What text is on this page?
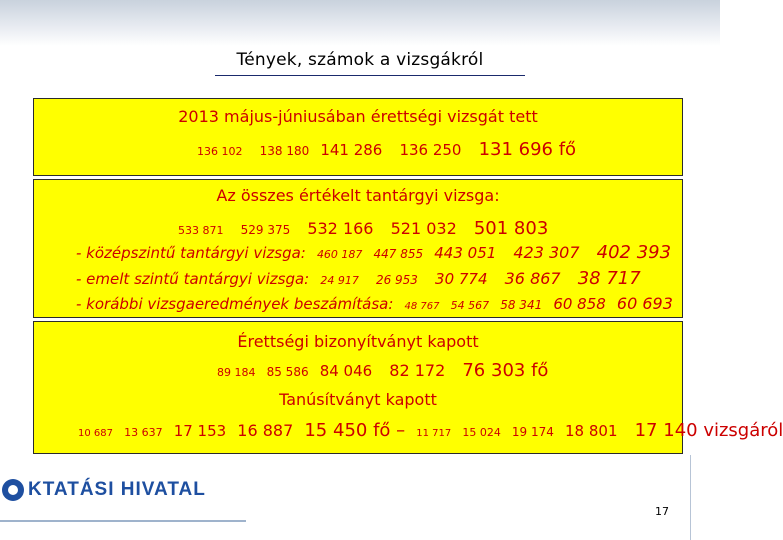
Tények, számok a vizsgákról
2013 május-júniusában érettségi vizsgát tett
136 102 138 180 141 286 136 250 131 696 fő
Az összes értékelt tantárgyi vizsga:
533 871 529 375 532 166 521 032 501 803
- középszintű tantárgyi vizsga: 460 187 447 855 443 051 423 307 402 393
- emelt szintű tantárgyi vizsga: 24 917 26 953 30 774 36 867 38 717
- korábbi vizsgaeredmények beszámítása: 48 767 54 567 58 341 60 858 60 693
Érettségi bizonyítványt kapott
89 184 85 586 84 046 82 172 76 303 fő
Tanúsítványt kapott
10 687 13 637 17 153 16 887 15 450 fő – 11 717 15 024 19 174 18 801 17 140 vizsgáról
KTATÁSI HIVATAL
17
